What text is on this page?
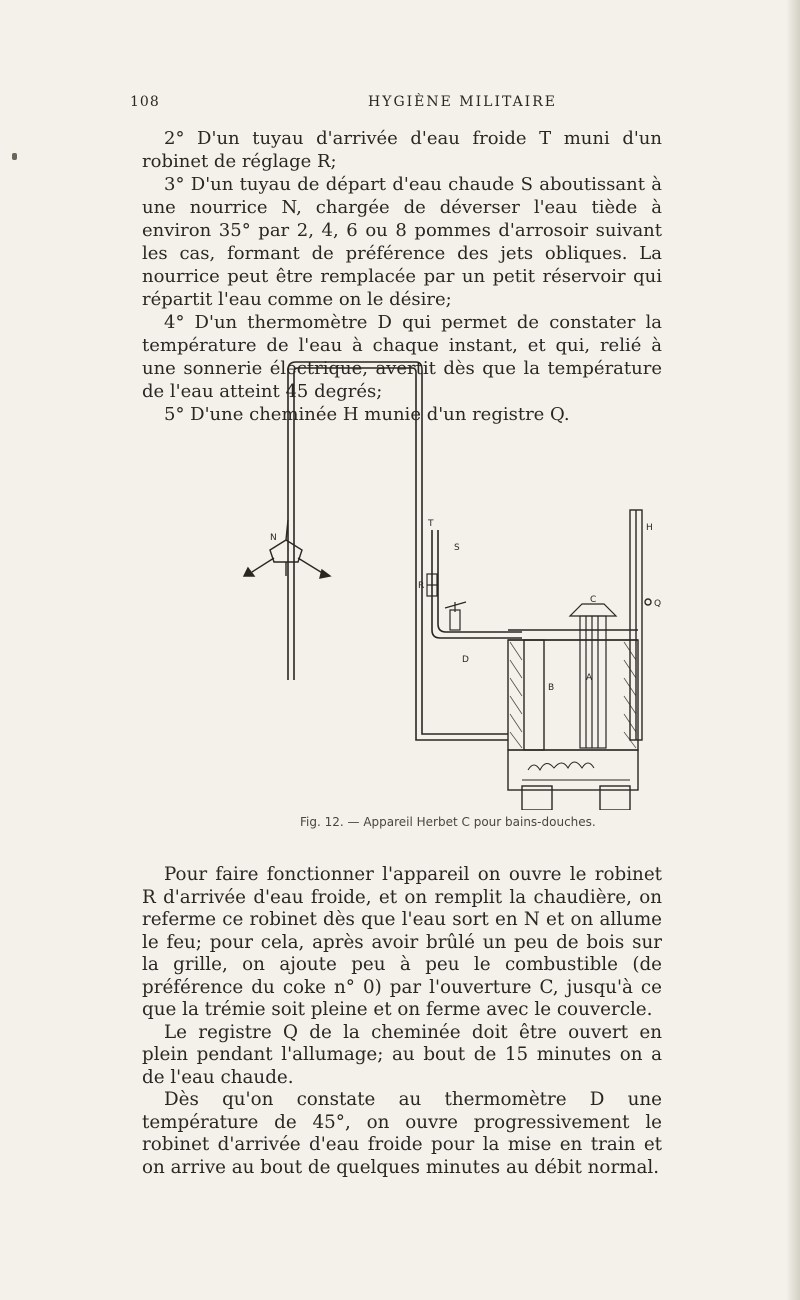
108	HYGIÈNE MILITAIRE

2° D'un tuyau d'arrivée d'eau froide T muni d'un robinet de réglage R;

3° D'un tuyau de départ d'eau chaude S aboutissant à une nourrice N, chargée de déverser l'eau tiède à environ 35° par 2, 4, 6 ou 8 pommes d'arrosoir suivant les cas, formant de préférence des jets obliques. La nourrice peut être remplacée par un petit réservoir qui répartit l'eau comme on le désire;

4° D'un thermomètre D qui permet de constater la température de l'eau à chaque instant, et qui, relié à une sonnerie électrique, avertit dès que la température de l'eau atteint 45 degrés;

5° D'une cheminée H munie d'un registre Q.

N
T
S
R
D
B
A
C
H
Q
Fig. 12. — Appareil Herbet C pour bains-douches.

Pour faire fonctionner l'appareil on ouvre le robinet R d'arrivée d'eau froide, et on remplit la chaudière, on referme ce robinet dès que l'eau sort en N et on allume le feu; pour cela, après avoir brûlé un peu de bois sur la grille, on ajoute peu à peu le combustible (de préférence du coke n° 0) par l'ouverture C, jusqu'à ce que la trémie soit pleine et on ferme avec le couvercle.

Le registre Q de la cheminée doit être ouvert en plein pendant l'allumage; au bout de 15 minutes on a de l'eau chaude.

Dès qu'on constate au thermomètre D une température de 45°, on ouvre progressivement le robinet d'arrivée d'eau froide pour la mise en train et on arrive au bout de quelques minutes au débit normal.
